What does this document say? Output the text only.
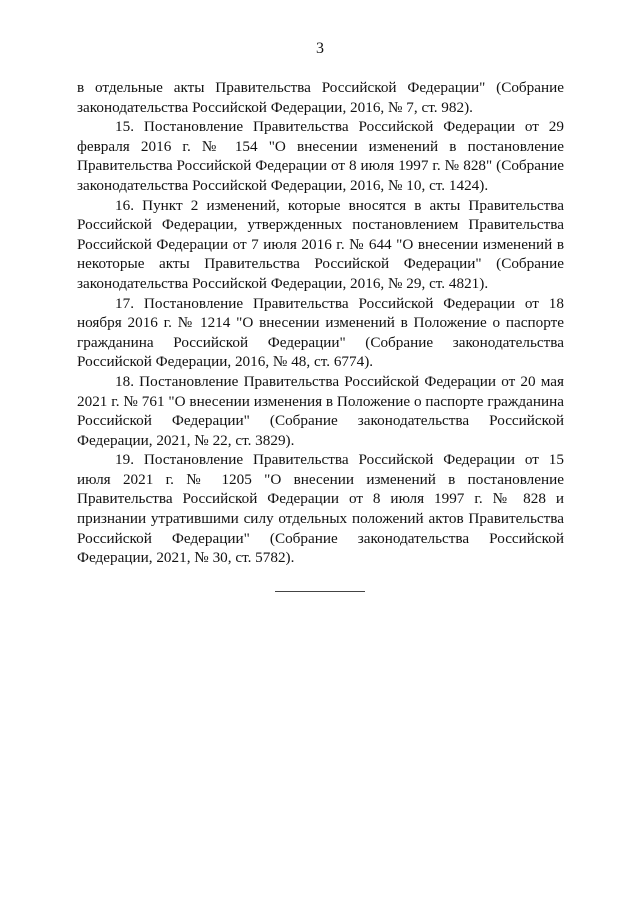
3

в отдельные акты Правительства Российской Федерации" (Собрание законодательства Российской Федерации, 2016, № 7, ст. 982).

15. Постановление Правительства Российской Федерации от 29 февраля 2016 г. № 154 "О внесении изменений в постановление Правительства Российской Федерации от 8 июля 1997 г. № 828" (Собрание законодательства Российской Федерации, 2016, № 10, ст. 1424).

16. Пункт 2 изменений, которые вносятся в акты Правительства Российской Федерации, утвержденных постановлением Правительства Российской Федерации от 7 июля 2016 г. № 644 "О внесении изменений в некоторые акты Правительства Российской Федерации" (Собрание законодательства Российской Федерации, 2016, № 29, ст. 4821).

17. Постановление Правительства Российской Федерации от 18 ноября 2016 г. № 1214 "О внесении изменений в Положение о паспорте гражданина Российской Федерации" (Собрание законодательства Российской Федерации, 2016, № 48, ст. 6774).

18. Постановление Правительства Российской Федерации от 20 мая 2021 г. № 761 "О внесении изменения в Положение о паспорте гражданина Российской Федерации" (Собрание законодательства Российской Федерации, 2021, № 22, ст. 3829).

19. Постановление Правительства Российской Федерации от 15 июля 2021 г. № 1205 "О внесении изменений в постановление Правительства Российской Федерации от 8 июля 1997 г. № 828 и признании утратившими силу отдельных положений актов Правительства Российской Федерации" (Собрание законодательства Российской Федерации, 2021, № 30, ст. 5782).
